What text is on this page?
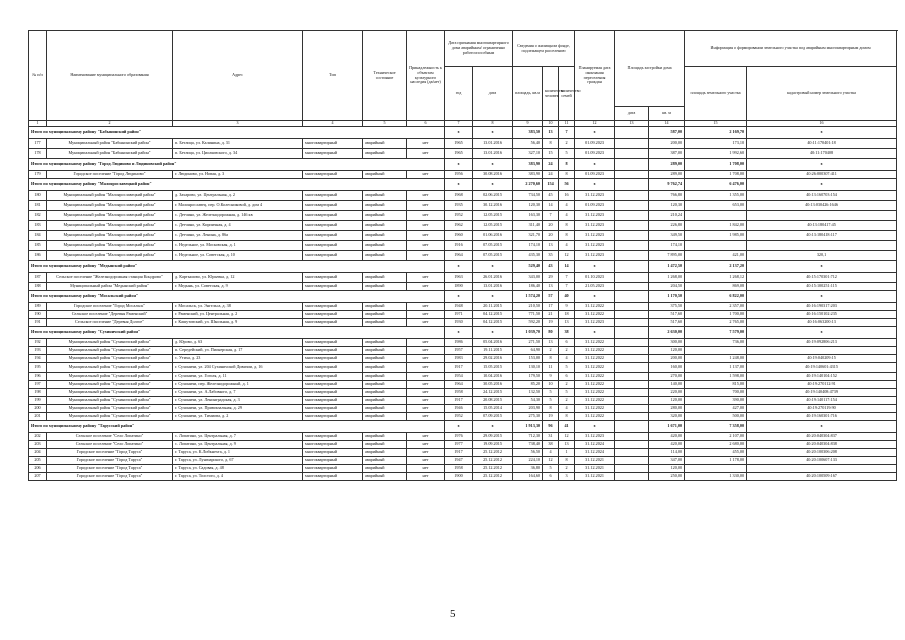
№ п/п	Наименование муниципального образования	Адрес	Тип	Техническое состояние	Принадлежность к объектам культурного наследия (да/нет)	Дата признания многоквартирного дома аварийным/ ограниченно работоспособным		Сведения о жилищном фонде, подлежащем расселению			Планируемая дата окончания переселения граждан	Площадь застройки дома		Информация о формировании земельного участка под аварийным многоквартирным домом		
						год	дата	площадь, кв.м	количество человек	количество семей				площадь земельного участка	кадастровый номер земельного участка	
												дата	кв. м			
1	2	3	4	5	6	7	8	9	10	11	12	13	14	15	16	
Итого по муниципальному району "Бабынинский район"						x	x	383,50	13	7	x		587,00	2 169,70	x	
177	Муниципальный район "Бабынинский район"	п. Бетлица, ул. Калинина, д. 31	многоквартирный	аварийный	нет	1965	13.01.2016	56,40	8	2	01.09.2023		200,00	173,10	40:11:170401:18	
178	Муниципальный район "Бабынинский район"	п. Бетлица, ул. Циолковского, д. 34	многоквартирный	аварийный	нет	1965	13.01.2016	327,10	15	5	01.09.2023		387,00	1 992,60	40:11:170408	
Итого по муниципальному району "Город Людиново и Людиновский район"						x	x	383,90	24	8	x		289,00	1 708,00	x	
179	Городское поселение "Город Людиново"	г. Людиново, ул. Новая, д. 3	многоквартирный	аварийный	нет	1956	30.08.2016	383,90	24	8	01.09.2023		289,00	1 708,00	40:26:000307:411	
Итого по муниципальному району "Малоярославецкий район"						x	x	2 270,60	154	56	x		9 762,74	6 476,00	x	
180	Муниципальный район "Малоярославецкий район"	д. Захарово, ул. Центральная, д. 2	многоквартирный	аварийный	нет	1968	02.06.2015	734,50	45	16	31.12.2023		766,80	1 355,00	40:13:160703:154	
181	Муниципальный район "Малоярославецкий район"	г. Малоярославец, пер. О.Колесниковой, д. дом 4	многоквартирный	аварийный	нет	1935	30.12.2016	120,30	14	4	01.09.2023		120,30	653,00	40:13:030426:1646	
182	Муниципальный район "Малоярославецкий район"	с. Детчино, ул. Железнодорожная, д. 146 кв	многоквартирный	аварийный	нет	1952	12.05.2015	163,30	7	4	31.12.2023		210,24			
183	Муниципальный район "Малоярославецкий район"	с. Детчино, ул. Кирпичная, д. 4	многоквартирный	аварийный	нет	1962	12.05.2015	311,40	20	8	31.12.2023		226,80	1 842,00	40:13:180417:45	
184	Муниципальный район "Малоярославецкий район"	с. Детчино, ул. Ленина, д. 86а	многоквартирный	аварийный	нет	1960	01.06.2016	321,70	20	8	31.12.2023		349,50	1 985,00	40:13:180418:117	
185	Муниципальный район "Малоярославецкий район"	с. Недельное, ул. Московская, д. 1	многоквартирный	аварийный	нет	1916	07.05.2015	174,10	13	4	31.12.2023		174,10			
186	Муниципальный район "Малоярославецкий район"	с. Недельное, ул. Советская, д. 10	многоквартирный	аварийный	нет	1964	07.05.2015	435,30	35	12	31.12.2023		7 895,00	421,00	320,1	
Итого по муниципальному району "Медынский район"						x	x	529,40	43	14	x		1 472,50	2 137,20	x	
187	Сельское поселение "Железнодорожная станция Кондрово"	д. Картышово, ул. Юрьевка, д. 12	многоквартирный	аварийный	нет	1963	26.01.2016	343,00	29	7	01.10.2023		1 268,00	1 268,12	40:15:170301:712	
188	Муниципальный район "Медынский район"	г. Медынь, ул. Советская, д. 9	многоквартирный	аварийный	нет	1890	13.01.2016	186,40	13	7	21.05.2023		204,50	869,08	40:15:100251:115	
Итого по муниципальному району "Мосальский район"						x	x	1 574,20	57	40	x		1 170,50	6 822,00	x	
189	Городское поселение "Город Мосальск"	г. Мосальск, ул. Энгельса, д. 38	многоквартирный	аварийный	нет	1948	20.11.2015	210,50	17	9	31.12.2022		375,50	2 357,00	40:16:190317:203	
190	Сельское поселение "Деревня Раменский"	г. Раменский, ул. Центральная, д. 2	многоквартирный	аварийный	нет	1971	04.12.2015	771,50	21	18	31.12.2022		517,60	1 700,00	40:16:150102:235	
191	Сельское поселение "Деревня Долгое"	г. Кашутовский, ул. Школьная, д. 9	многоквартирный	аварийный	нет	1930	04.12.2015	592,20	19	13	31.12.2023		517,60	2 765,00	40:16:063200:13	
Итого по муниципальному району "Сухиничский район"						x	x	1 039,70	80	38	x		2 630,00	7 579,00	x	
192	Муниципальный район "Сухиничский район"	д. Юрово, д. 63	многоквартирный	аварийный	нет	1986	05.04.2016	271,50	13	6	31.12.2022		300,00	736,00	40:19:092806:213	
193	Муниципальный район "Сухиничский район"	п. Середейский, ул. Пионерская, д. 17	многоквартирный	аварийный	нет	1957	19.11.2015	64,90	2	2	31.12.2022		120,00			
194	Муниципальный район "Сухиничский район"	с. Утиха, д. 23	многоквартирный	аварийный	нет	1983	29.02.2016	153,00	8	4	31.12.2022		200,00	1 248,00	40:19:040209:15	
195	Муниципальный район "Сухиничский район"	г. Сухиничи, ул. 204 Сухиничской Дивизии, д. 16	многоквартирный	аварийный	нет	1917	15.05.2015	130,10	11	5	31.12.2022		160,00	1 137,00	40:19:140601:4315	
196	Муниципальный район "Сухиничский район"	г. Сухиничи, ул. Гоголя, д. 11	многоквартирный	аварийный	нет	1954	10.04.2016	179,50	9	6	31.12.2022		270,00	1 598,00	40:19:140104:152	
197	Муниципальный район "Сухиничский район"	г. Сухиничи, пер. Железнодорожный, д. 1	многоквартирный	аварийный	нет	1964	30.05.2016	85,20	10	2	31.12.2022		140,00	815,00	40:19:270112:91	
198	Муниципальный район "Сухиничский район"	г. Сухиничи, ул. А.Лабовкого, д. 7	многоквартирный	аварийный	нет	1958	24.12.2015	132,50	5	5	31.12.2022		220,00	700,00	40:19:140408:4739	
199	Муниципальный район "Сухиничский район"	г. Сухиничи, ул. Ленинградская, д. 3	многоквартирный	аварийный	нет	1917	20.08.2015	54,30	5	2	31.12.2022		120,00	390,00	40:19:140117:154	
200	Муниципальный район "Сухиничский район"	г. Сухиничи, ул. Привокзальная, д. 29	многоквартирный	аварийный	нет	1946	15.05.2014	203,90	8	4	31.12.2022		280,00	427,00	40:19:270119:90	
201	Муниципальный район "Сухиничский район"	г. Сухиничи, ул. Тимиова, д. 2	многоквартирный	аварийный	нет	1952	07.09.2015	275,30	19	8	31.12.2022		320,00	500,00	40:19:160301:716	
Итого по муниципальному району "Тарусский район"						x	x	1 913,30	96	41	x		1 671,00	7 358,00	x	
202	Сельское поселение "Село Лопатино"	с. Лопатино, ул. Центральная, д. 7	многоквартирный	аварийный	нет	1976	29.09.2015	712,30	31	12	31.12.2023		420,00	2 107,00	40:20:040304:837	
203	Сельское поселение "Село Лопатино"	с. Лопатино, ул. Центральная, д. 9	многоквартирный	аварийный	нет	1977	19.09.2015	738,40	38	13	31.12.2024		420,00	2 680,00	40:20:040304:838	
204	Городское поселение "Город Таруса"	г. Таруса, ул. К.Либкнехта, д. 1	многоквартирный	аварийный	нет	1917	25.12.2012	56,50	4	1	31.12.2024		114,00	455,00	40:20:100306:208	
205	Городское поселение "Город Таруса"	г. Таруса, ул. Луначарского, д. 67	многоквартирный	аварийный	нет	1947	25.12.2012	224,10	12	8	31.12.2021		347,00	1 178,00	40:20:100607:133	
206	Городское поселение "Город Таруса"	г. Таруса, ул. Садовая, д. 48	многоквартирный	аварийный	нет	1958	25.12.2012	36,80	5	2	31.12.2021		120,00			
207	Городское поселение "Город Таруса"	г. Таруса, ул. Толстого, д. 4	многоквартирный	аварийный	нет	1900	25.12.2012	164,60	6	3	31.12.2021		250,00	1 330,00	40:20:100509:167	
5
